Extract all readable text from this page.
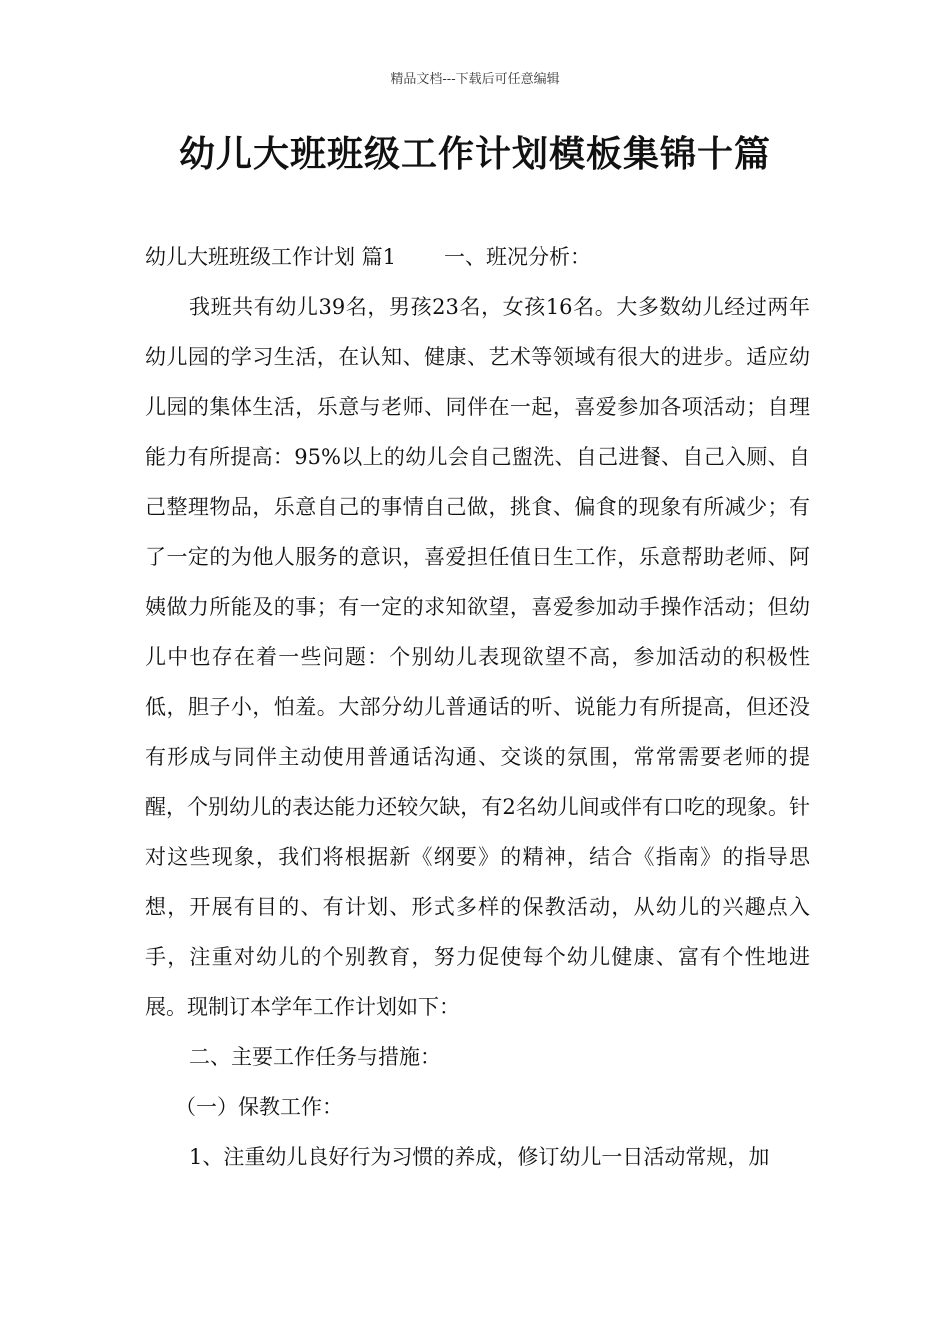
精品文档---下载后可任意编辑
幼儿大班班级工作计划模板集锦十篇

幼儿大班班级工作计划 篇1 一、班况分析：

我班共有幼儿39名，男孩23名，女孩16名。大多数幼儿经过两年幼儿园的学习生活，在认知、健康、艺术等领域有很大的进步。适应幼儿园的集体生活，乐意与老师、同伴在一起，喜爱参加各项活动；自理能力有所提高：95%以上的幼儿会自己盥洗、自己进餐、自己入厕、自己整理物品，乐意自己的事情自己做，挑食、偏食的现象有所减少；有了一定的为他人服务的意识，喜爱担任值日生工作，乐意帮助老师、阿姨做力所能及的事；有一定的求知欲望，喜爱参加动手操作活动；但幼儿中也存在着一些问题：个别幼儿表现欲望不高，参加活动的积极性低，胆子小，怕羞。大部分幼儿普通话的听、说能力有所提高，但还没有形成与同伴主动使用普通话沟通、交谈的氛围，常常需要老师的提醒，个别幼儿的表达能力还较欠缺，有2名幼儿间或伴有口吃的现象。针对这些现象，我们将根据新《纲要》的精神，结合《指南》的指导思想，开展有目的、有计划、形式多样的保教活动，从幼儿的兴趣点入手，注重对幼儿的个别教育，努力促使每个幼儿健康、富有个性地进展。现制订本学年工作计划如下：

二、主要工作任务与措施：

（一）保教工作：

1、注重幼儿良好行为习惯的养成，修订幼儿一日活动常规，加
